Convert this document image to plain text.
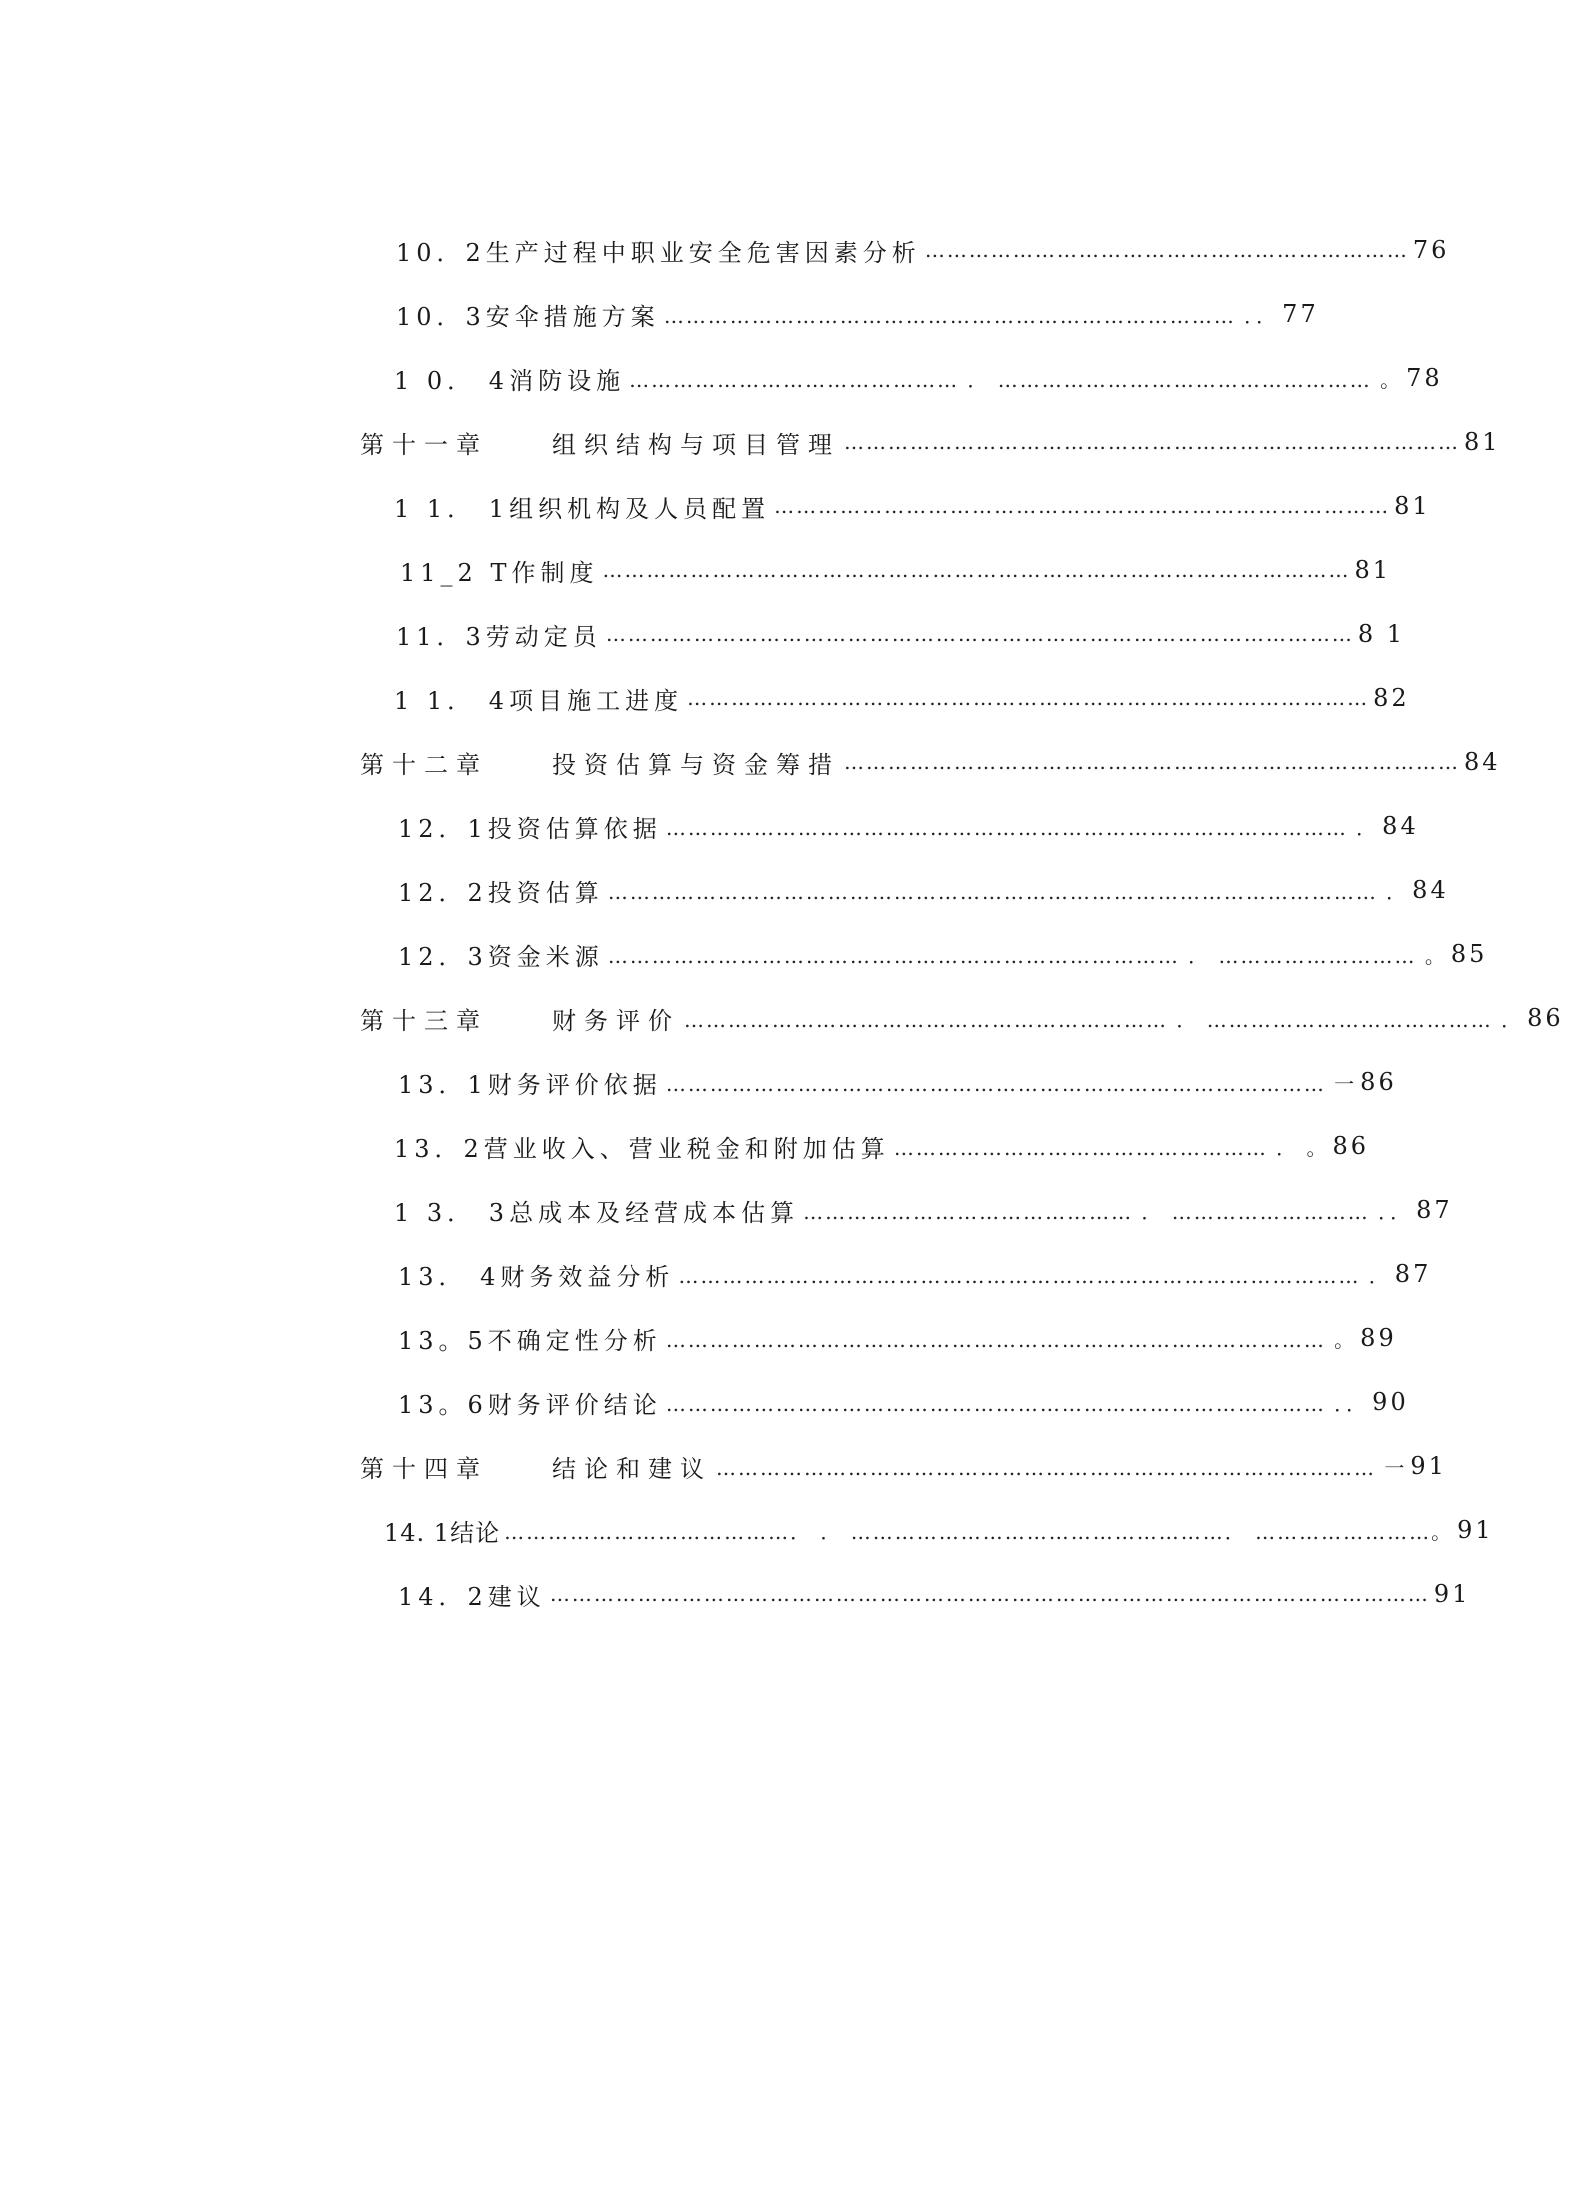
10．2生产过程中职业安全危害因素分析 ………………………………………………………… 76
10．3安伞措施方案 …………………………………………………………………… ．． 77
1 0． 4消防设施 ……………………………………… ． …………………………………………… 。 78
第十一章　　组织结构与项目管理 ………………………………………………………………………… 81
1 1． 1组织机构及人员配置 ………………………………………………………………………… 81
11_2 T作制度 ………………………………………………………………………………………… 81
11．3劳动定员 ………………………………………………………………………………………… 8 1
1 1． 4项目施工进度 ………………………………………………………………………………… 82
第十二章　　投资估算与资金筹措 ………………………………………………………………………… 84
12．1投资估算依据 ………………………………………………………………………………… ． 84
12．2投资估算 …………………………………………………………………………………………… ． 84
12．3资金米源 …………………………………………………………………… ． ……………………… 。 85
第十三章　　财务评价 ………………………………………………………… ． ………………………………… ． 86
13．1财务评价依据 ……………………………………………………………………………… 一 86
13．2营业收入、营业税金和附加估算 …………………………………………… ． 。 86
1 3． 3总成本及经营成本估算 ……………………………………… ． ……………………… ．． 87
13． 4财务效益分析 ………………………………………………………………………………… ． 87
13。5不确定性分析 ……………………………………………………………………………… 。 89
13。6财务评价结论 ……………………………………………………………………………… ．． 90
第十四章　　结论和建议 ……………………………………………………………………………… 一 91
14. 1结论 …………………………………． ． ……………………………………………． ……………………。 91
14．2建议 ………………………………………………………………………………………………………… 91
